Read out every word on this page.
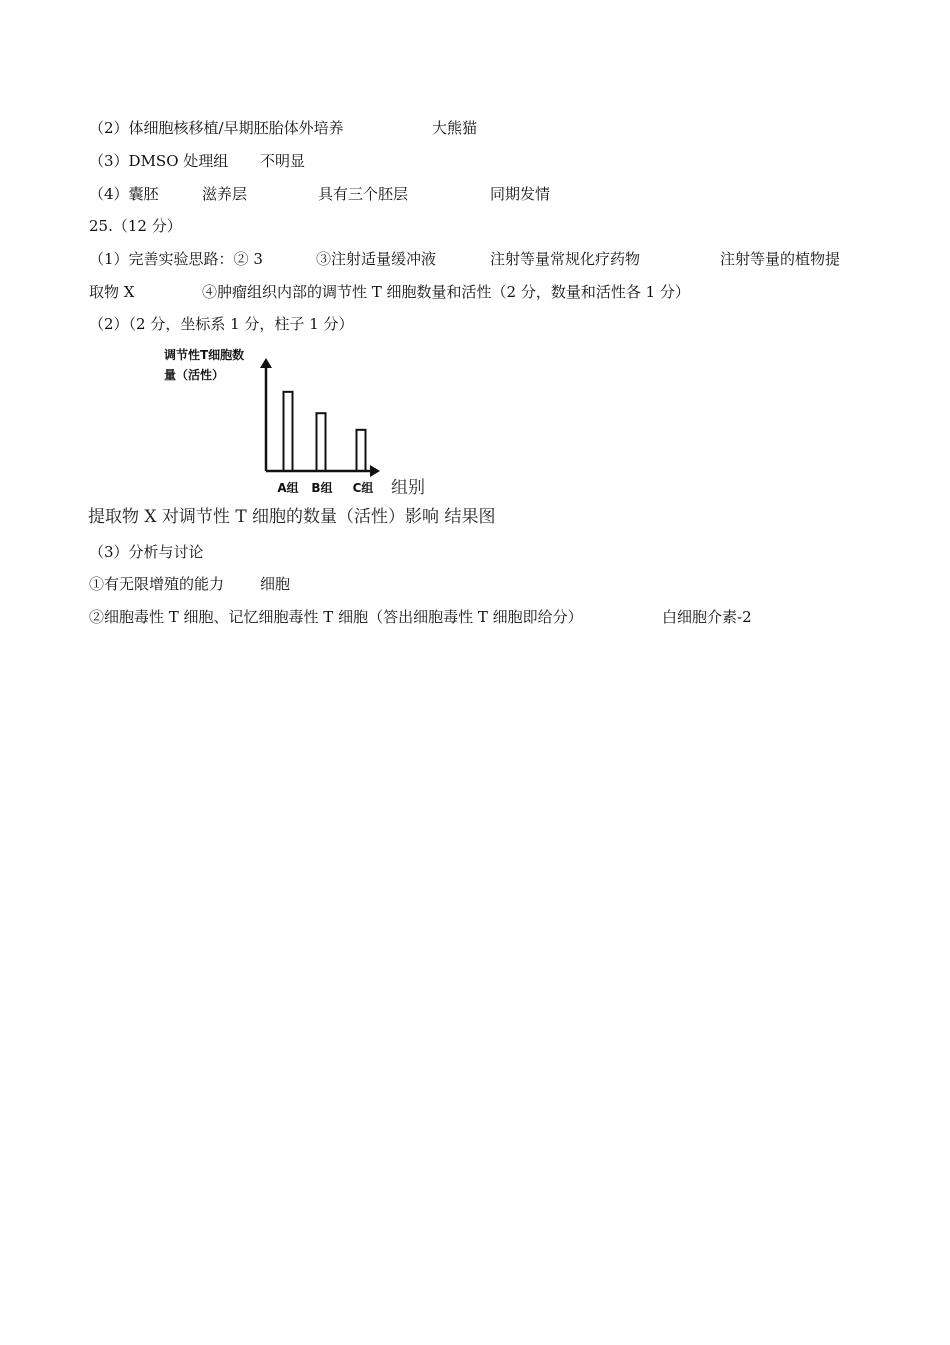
（2）体细胞核移植/早期胚胎体外培养	大熊猫
（3）DMSO 处理组 不明显
（4）囊胚	滋养层	具有三个胚层	同期发情
25.（12 分）
（1）完善实验思路：② 3	③注射适量缓冲液	注射等量常规化疗药物	注射等量的植物提
取物 X	④肿瘤组织内部的调节性 T 细胞数量和活性（2 分，数量和活性各 1 分）
（2）（2 分，坐标系 1 分，柱子 1 分）
调节性T细胞数
量（活性）
A组 B组 C组 组别
提取物 X 对调节性 T 细胞的数量（活性）影响 结果图
（3）分析与讨论
①有无限增殖的能力 细胞
②细胞毒性 T 细胞、记忆细胞毒性 T 细胞（答出细胞毒性 T 细胞即给分）	白细胞介素-2
